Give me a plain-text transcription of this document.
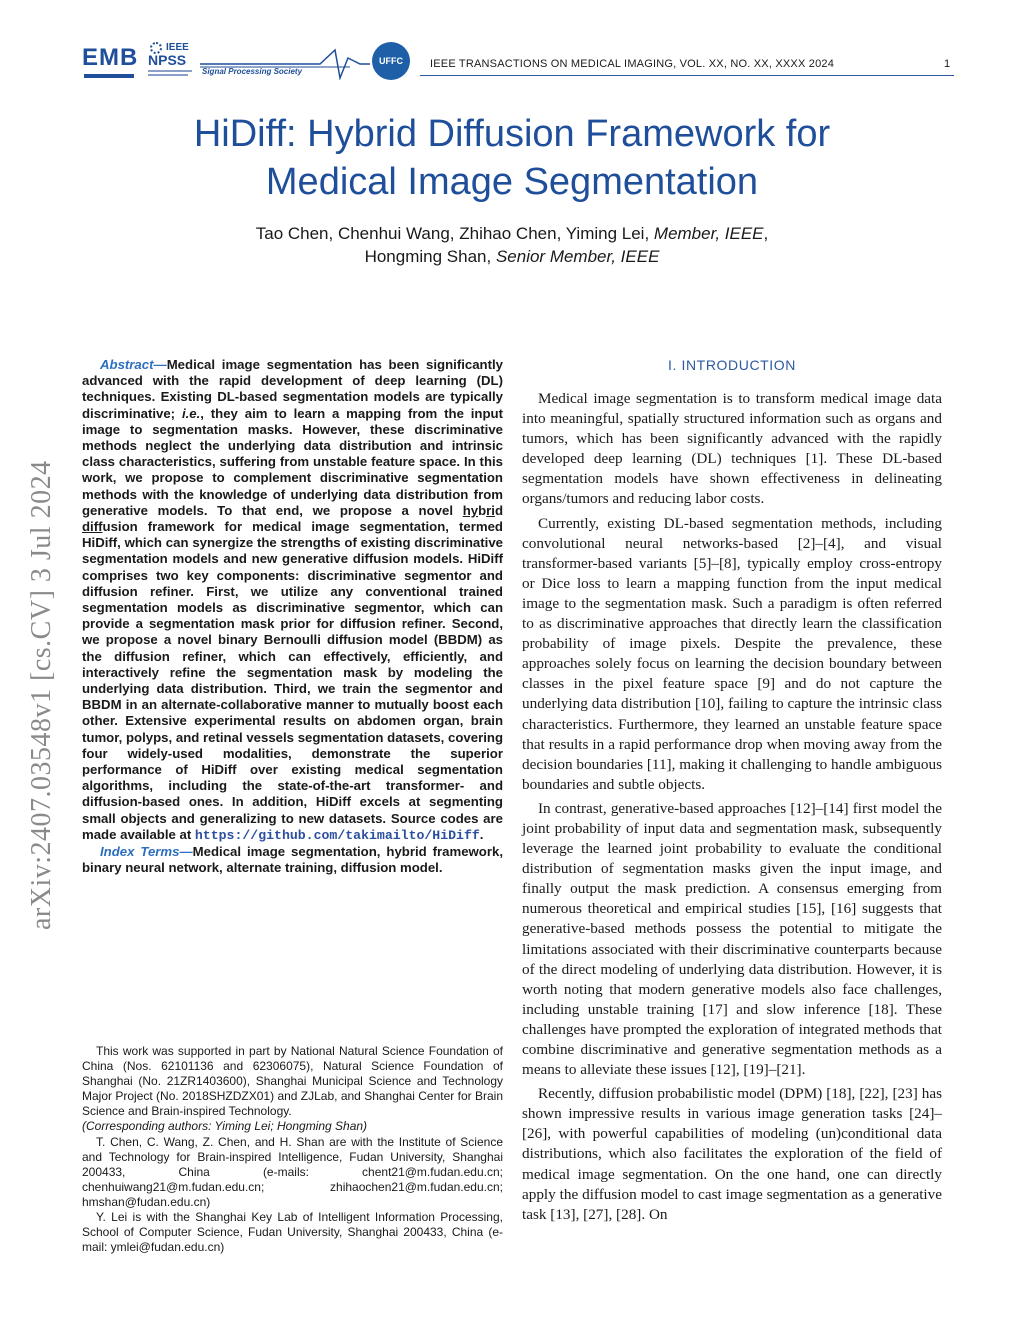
EMB	IEEE
NPSS
Signal Processing Society
UFFC	IEEE TRANSACTIONS ON MEDICAL IMAGING, VOL. XX, NO. XX, XXXX 2024	1
HiDiff: Hybrid Diffusion Framework for
Medical Image Segmentation
Tao Chen, Chenhui Wang, Zhihao Chen, Yiming Lei, Member, IEEE,
Hongming Shan, Senior Member, IEEE
arXiv:2407.03548v1 [cs.CV] 3 Jul 2024

Abstract—Medical image segmentation has been significantly advanced with the rapid development of deep learning (DL) techniques. Existing DL-based segmentation models are typically discriminative; i.e., they aim to learn a mapping from the input image to segmentation masks. However, these discriminative methods neglect the underlying data distribution and intrinsic class characteristics, suffering from unstable feature space. In this work, we propose to complement discriminative segmentation methods with the knowledge of underlying data distribution from generative models. To that end, we propose a novel hybrid diffusion framework for medical image segmentation, termed HiDiff, which can synergize the strengths of existing discriminative segmentation models and new generative diffusion models. HiDiff comprises two key components: discriminative segmentor and diffusion refiner. First, we utilize any conventional trained segmentation models as discriminative segmentor, which can provide a segmentation mask prior for diffusion refiner. Second, we propose a novel binary Bernoulli diffusion model (BBDM) as the diffusion refiner, which can effectively, efficiently, and interactively refine the segmentation mask by modeling the underlying data distribution. Third, we train the segmentor and BBDM in an alternate-collaborative manner to mutually boost each other. Extensive experimental results on abdomen organ, brain tumor, polyps, and retinal vessels segmentation datasets, covering four widely-used modalities, demonstrate the superior performance of HiDiff over existing medical segmentation algorithms, including the state-of-the-art transformer- and diffusion-based ones. In addition, HiDiff excels at segmenting small objects and generalizing to new datasets. Source codes are made available at https://github.com/takimailto/HiDiff.

Index Terms—Medical image segmentation, hybrid framework, binary neural network, alternate training, diffusion model.

This work was supported in part by National Natural Science Foundation of China (Nos. 62101136 and 62306075), Natural Science Foundation of Shanghai (No. 21ZR1403600), Shanghai Municipal Science and Technology Major Project (No. 2018SHZDZX01) and ZJLab, and Shanghai Center for Brain Science and Brain-inspired Technology.

(Corresponding authors: Yiming Lei; Hongming Shan)

T. Chen, C. Wang, Z. Chen, and H. Shan are with the Institute of Science and Technology for Brain-inspired Intelligence, Fudan University, Shanghai 200433, China (e-mails: chent21@m.fudan.edu.cn; chenhuiwang21@m.fudan.edu.cn; zhihaochen21@m.fudan.edu.cn; hmshan@fudan.edu.cn)

Y. Lei is with the Shanghai Key Lab of Intelligent Information Processing, School of Computer Science, Fudan University, Shanghai 200433, China (e-mail: ymlei@fudan.edu.cn)

I. INTRODUCTION

Medical image segmentation is to transform medical image data into meaningful, spatially structured information such as organs and tumors, which has been significantly advanced with the rapidly developed deep learning (DL) techniques [1]. These DL-based segmentation models have shown effectiveness in delineating organs/tumors and reducing labor costs.

Currently, existing DL-based segmentation methods, including convolutional neural networks-based [2]–[4], and visual transformer-based variants [5]–[8], typically employ cross-entropy or Dice loss to learn a mapping function from the input medical image to the segmentation mask. Such a paradigm is often referred to as discriminative approaches that directly learn the classification probability of image pixels. Despite the prevalence, these approaches solely focus on learning the decision boundary between classes in the pixel feature space [9] and do not capture the underlying data distribution [10], failing to capture the intrinsic class characteristics. Furthermore, they learned an unstable feature space that results in a rapid performance drop when moving away from the decision boundaries [11], making it challenging to handle ambiguous boundaries and subtle objects.

In contrast, generative-based approaches [12]–[14] first model the joint probability of input data and segmentation mask, subsequently leverage the learned joint probability to evaluate the conditional distribution of segmentation masks given the input image, and finally output the mask prediction. A consensus emerging from numerous theoretical and empirical studies [15], [16] suggests that generative-based methods possess the potential to mitigate the limitations associated with their discriminative counterparts because of the direct modeling of underlying data distribution. However, it is worth noting that modern generative models also face challenges, including unstable training [17] and slow inference [18]. These challenges have prompted the exploration of integrated methods that combine discriminative and generative segmentation methods as a means to alleviate these issues [12], [19]–[21].

Recently, diffusion probabilistic model (DPM) [18], [22], [23] has shown impressive results in various image generation tasks [24]–[26], with powerful capabilities of modeling (un)conditional data distributions, which also facilitates the exploration of the field of medical image segmentation. On the one hand, one can directly apply the diffusion model to cast image segmentation as a generative task [13], [27], [28]. On
